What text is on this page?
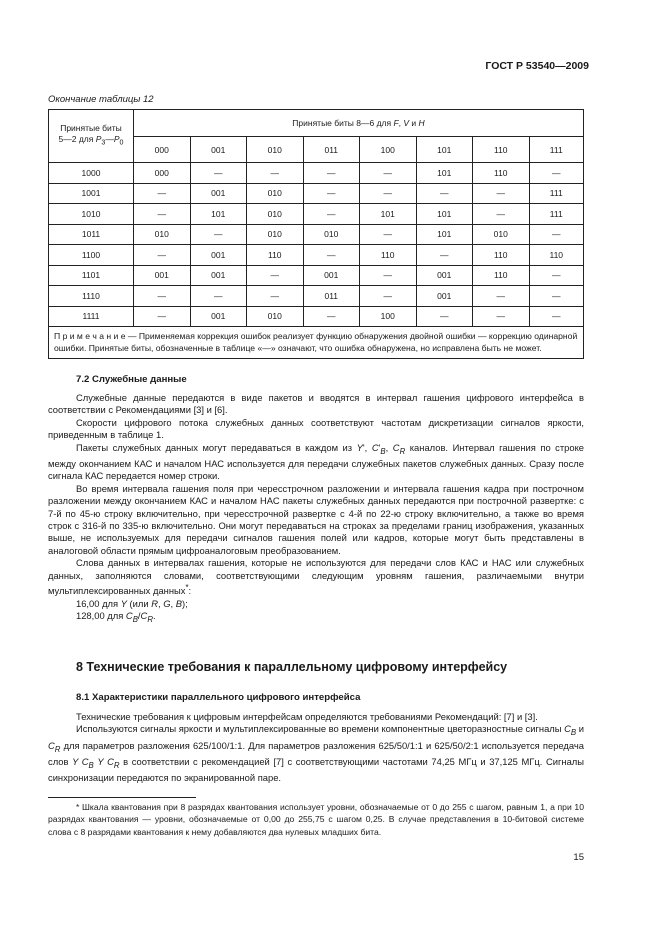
ГОСТ Р 53540—2009
Окончание таблицы 12
Принятые биты
5—2 для $P_3—P_0$	Принятые биты 8—6 для F, V и H							
	000	001	010	011	100	101	110	111
1000	000	—	—	—	—	101	110	—
1001	—	001	010	—	—	—	—	111
1010	—	101	010	—	101	101	—	111
1011	010	—	010	010	—	101	010	—
1100	—	001	110	—	110	—	110	110
1101	001	001	—	001	—	001	110	—
1110	—	—	—	011	—	001	—	—
1111	—	001	010	—	100	—	—	—
П р и м е ч а н и е — Применяемая коррекция ошибок реализует функцию обнаружения двойной ошибки — коррекцию одинарной ошибки. Принятые биты, обозначенные в таблице «—» означают, что ошибка обнаружена, но исправлена быть не может.								
7.2 Служебные данные

Служебные данные передаются в виде пакетов и вводятся в интервал гашения цифрового интерфейса в соответствии с Рекомендациями [3] и [6].

Скорости цифрового потока служебных данных соответствуют частотам дискретизации сигналов яркости, приведенным в таблице 1.

Пакеты служебных данных могут передаваться в каждом из Y', $C'_B$, $C_R$ каналов. Интервал гашения по строке между окончанием КАС и началом НАС используется для передачи служебных пакетов служебных данных. Сразу после сигнала КАС передается номер строки.

Во время интервала гашения поля при чересстрочном разложении и интервала гашения кадра при построчном разложении между окончанием КАС и началом НАС пакеты служебных данных передаются при построчной развертке: с 7-й по 45-ю строку включительно, при чересстрочной развертке с 4-й по 22-ю строку включительно, а также во время строк с 316-й по 335-ю включительно. Они могут передаваться на строках за пределами границ изображения, указанных выше, не используемых для передачи сигналов гашения полей или кадров, которые могут быть представлены в аналоговой области прямым цифроаналоговым преобразованием.

Слова данных в интервалах гашения, которые не используются для передачи слов КАС и НАС или служебных данных, заполняются словами, соответствующими следующим уровням гашения, различаемыми внутри мультиплексированных данных*:

16,00 для Y (или R, G, B);

128,00 для $C_B/C_R$.

8 Технические требования к параллельному цифровому интерфейсу
8.1 Характеристики параллельного цифрового интерфейса

Технические требования к цифровым интерфейсам определяются требованиями Рекомендаций: [7] и [3].

Используются сигналы яркости и мультиплексированные во времени компонентные цветоразностные сигналы $C_B$ и $C_R$ для параметров разложения 625/100/1:1. Для параметров разложения 625/50/1:1 и 625/50/2:1 используется передача слов Y $C_B$ Y $C_R$ в соответствии с рекомендацией [7] с соответствующими частотами 74,25 МГц и 37,125 МГц. Сигналы синхронизации передаются по экранированной паре.

* Шкала квантования при 8 разрядах квантования использует уровни, обозначаемые от 0 до 255 с шагом, равным 1, а при 10 разрядах квантования — уровни, обозначаемые от 0,00 до 255,75 с шагом 0,25. В случае представления в 10-битовой системе слова с 8 разрядами квантования к нему добавляются два нулевых младших бита.

15
